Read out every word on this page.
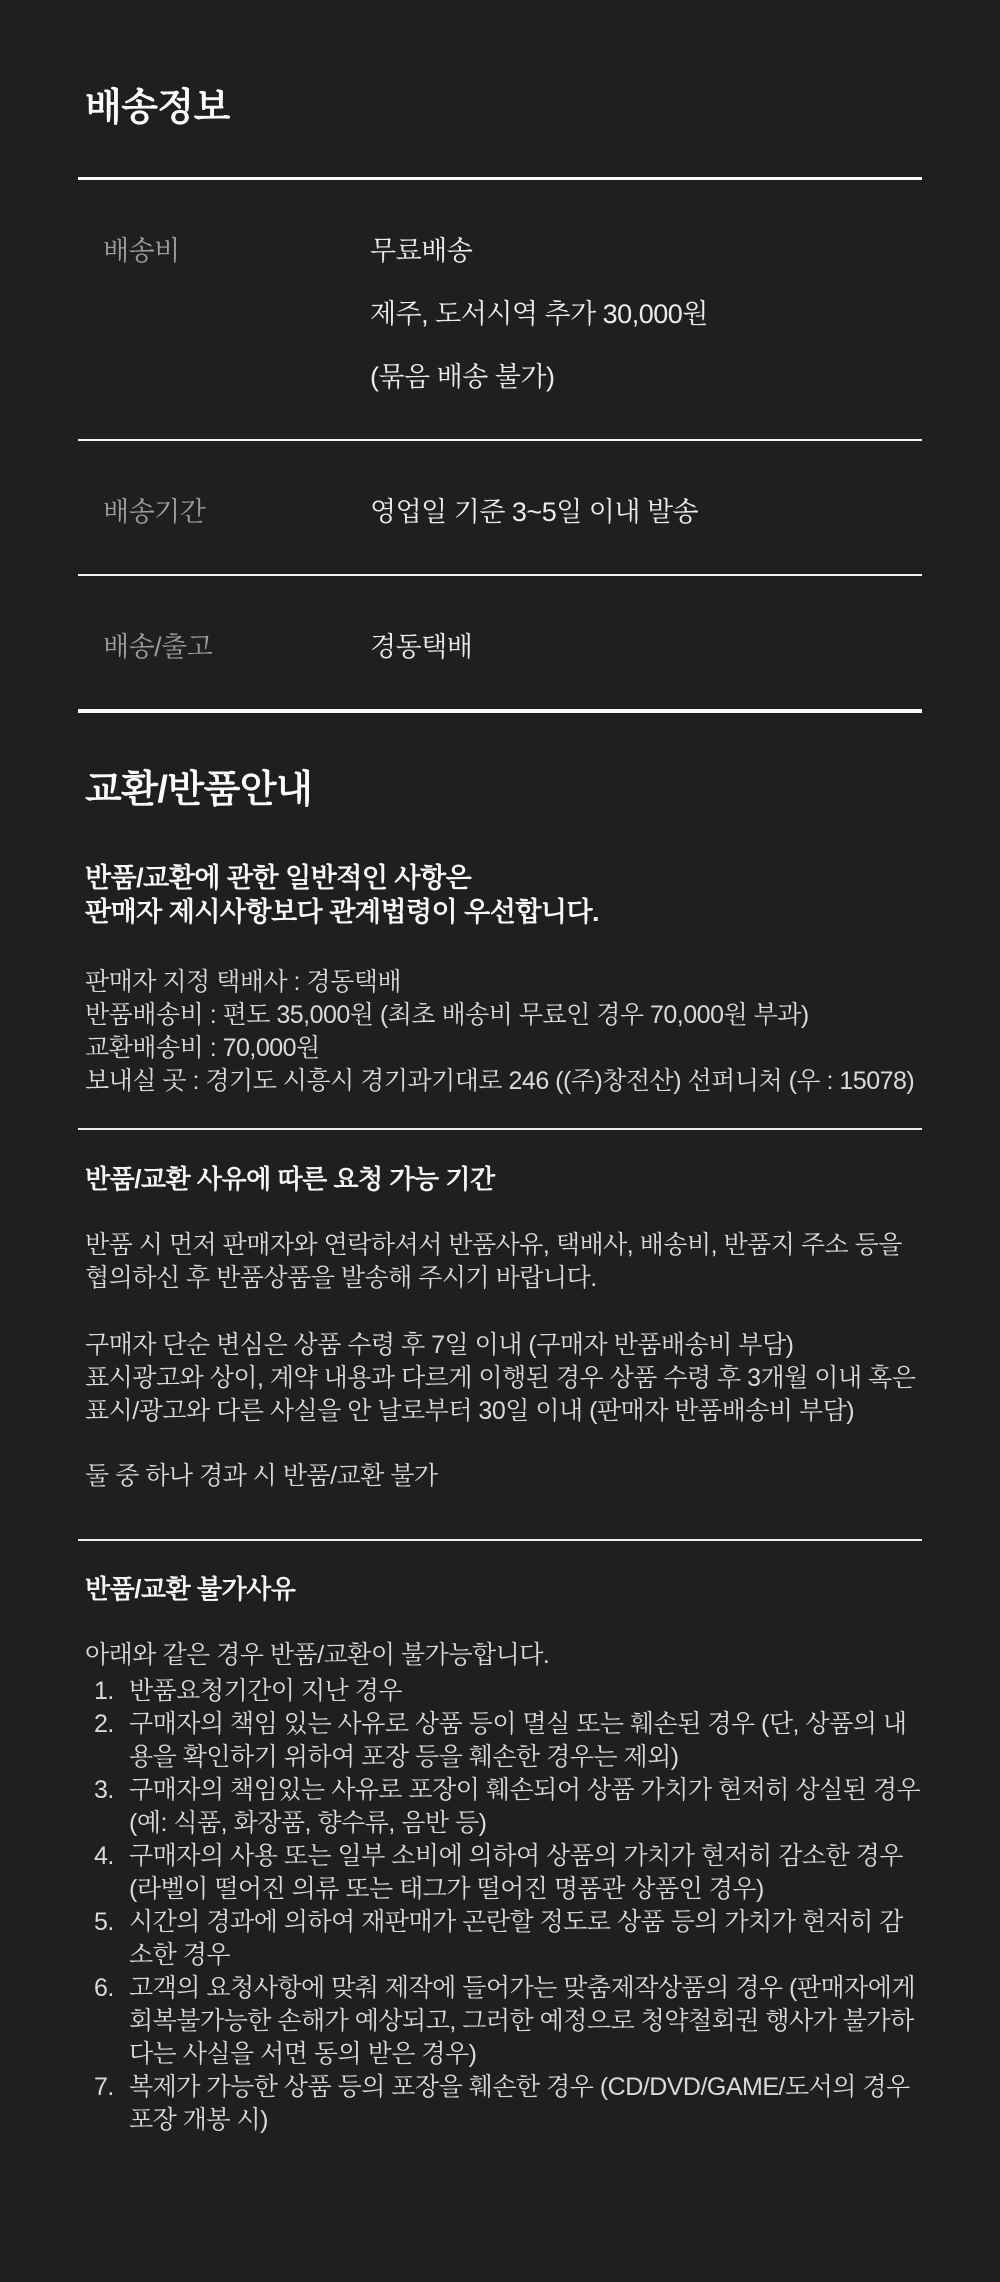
배송정보
배송비	무료배송
제주, 도서시역 추가 30,000원
(묶음 배송 불가)
배송기간	영업일 기준 3~5일 이내 발송
배송/출고	경동택배
교환/반품안내
반품/교환에 관한 일반적인 사항은
판매자 제시사항보다 관계법령이 우선합니다.
판매자 지정 택배사 : 경동택배
반품배송비 : 편도 35,000원 (최초 배송비 무료인 경우 70,000원 부과)
교환배송비 : 70,000원
보내실 곳 : 경기도 시흥시 경기과기대로 246 ((주)창전산) 선퍼니처 (우 : 15078)
반품/교환 사유에 따른 요청 가능 기간

반품 시 먼저 판매자와 연락하셔서 반품사유, 택배사, 배송비, 반품지 주소 등을 협의하신 후 반품상품을 발송해 주시기 바랍니다.

구매자 단순 변심은 상품 수령 후 7일 이내 (구매자 반품배송비 부담)
표시광고와 상이, 계약 내용과 다르게 이행된 경우 상품 수령 후 3개월 이내 혹은 표시/광고와 다른 사실을 안 날로부터 30일 이내 (판매자 반품배송비 부담)

둘 중 하나 경과 시 반품/교환 불가

반품/교환 불가사유

아래와 같은 경우 반품/교환이 불가능합니다.

1. 반품요청기간이 지난 경우
2. 구매자의 책임 있는 사유로 상품 등이 멸실 또는 훼손된 경우 (단, 상품의 내용을 확인하기 위하여 포장 등을 훼손한 경우는 제외)
3. 구매자의 책임있는 사유로 포장이 훼손되어 상품 가치가 현저히 상실된 경우 (예: 식품, 화장품, 향수류, 음반 등)
4. 구매자의 사용 또는 일부 소비에 의하여 상품의 가치가 현저히 감소한 경우 (라벨이 떨어진 의류 또는 태그가 떨어진 명품관 상품인 경우)
5. 시간의 경과에 의하여 재판매가 곤란할 정도로 상품 등의 가치가 현저히 감소한 경우
6. 고객의 요청사항에 맞춰 제작에 들어가는 맞춤제작상품의 경우 (판매자에게 회복불가능한 손해가 예상되고, 그러한 예정으로 청약철회권 행사가 불가하다는 사실을 서면 동의 받은 경우)
7. 복제가 가능한 상품 등의 포장을 훼손한 경우 (CD/DVD/GAME/도서의 경우 포장 개봉 시)
